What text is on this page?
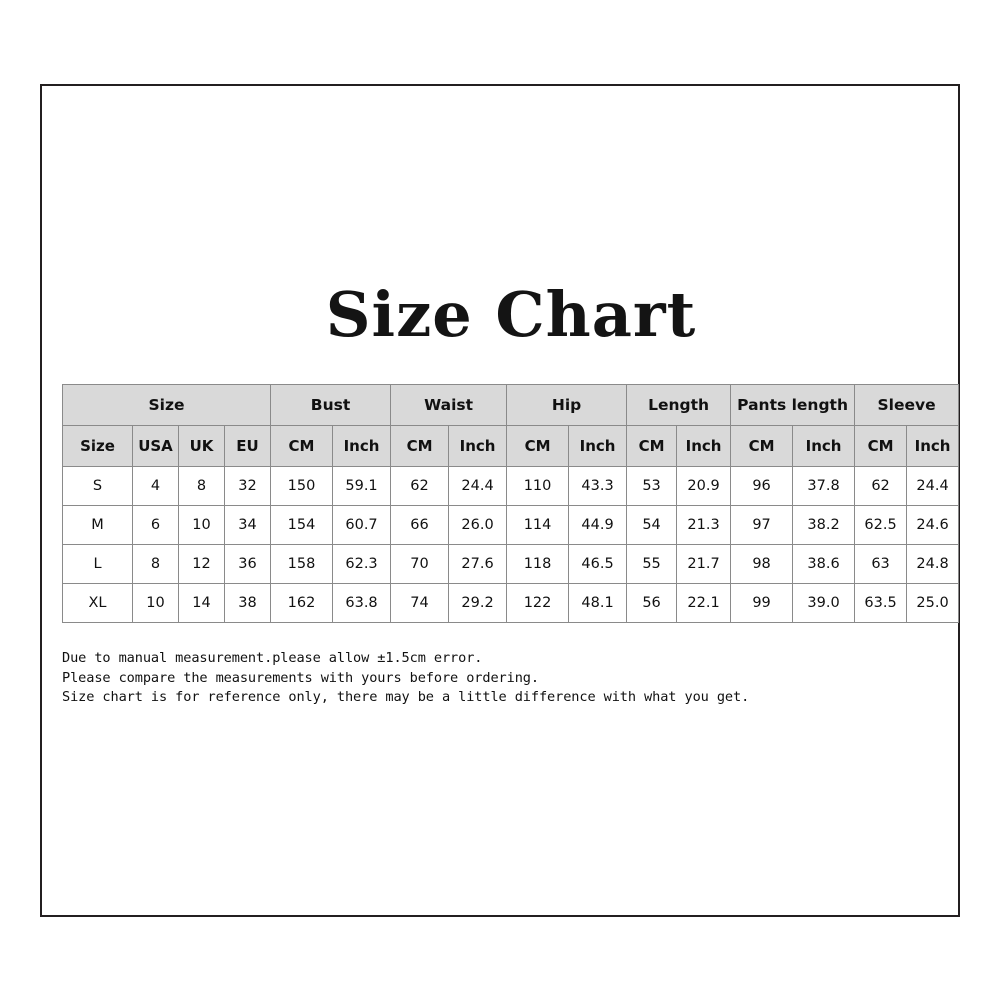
Size Chart
Size				Bust		Waist		Hip		Length		Pants length		Sleeve	
Size	USA	UK	EU	CM	Inch	CM	Inch	CM	Inch	CM	Inch	CM	Inch	CM	Inch
S	4	8	32	150	59.1	62	24.4	110	43.3	53	20.9	96	37.8	62	24.4
M	6	10	34	154	60.7	66	26.0	114	44.9	54	21.3	97	38.2	62.5	24.6
L	8	12	36	158	62.3	70	27.6	118	46.5	55	21.7	98	38.6	63	24.8
XL	10	14	38	162	63.8	74	29.2	122	48.1	56	22.1	99	39.0	63.5	25.0
Due to manual measurement.please allow ±1.5cm error.
Please compare the measurements with yours before ordering.
Size chart is for reference only, there may be a little difference with what you get.
